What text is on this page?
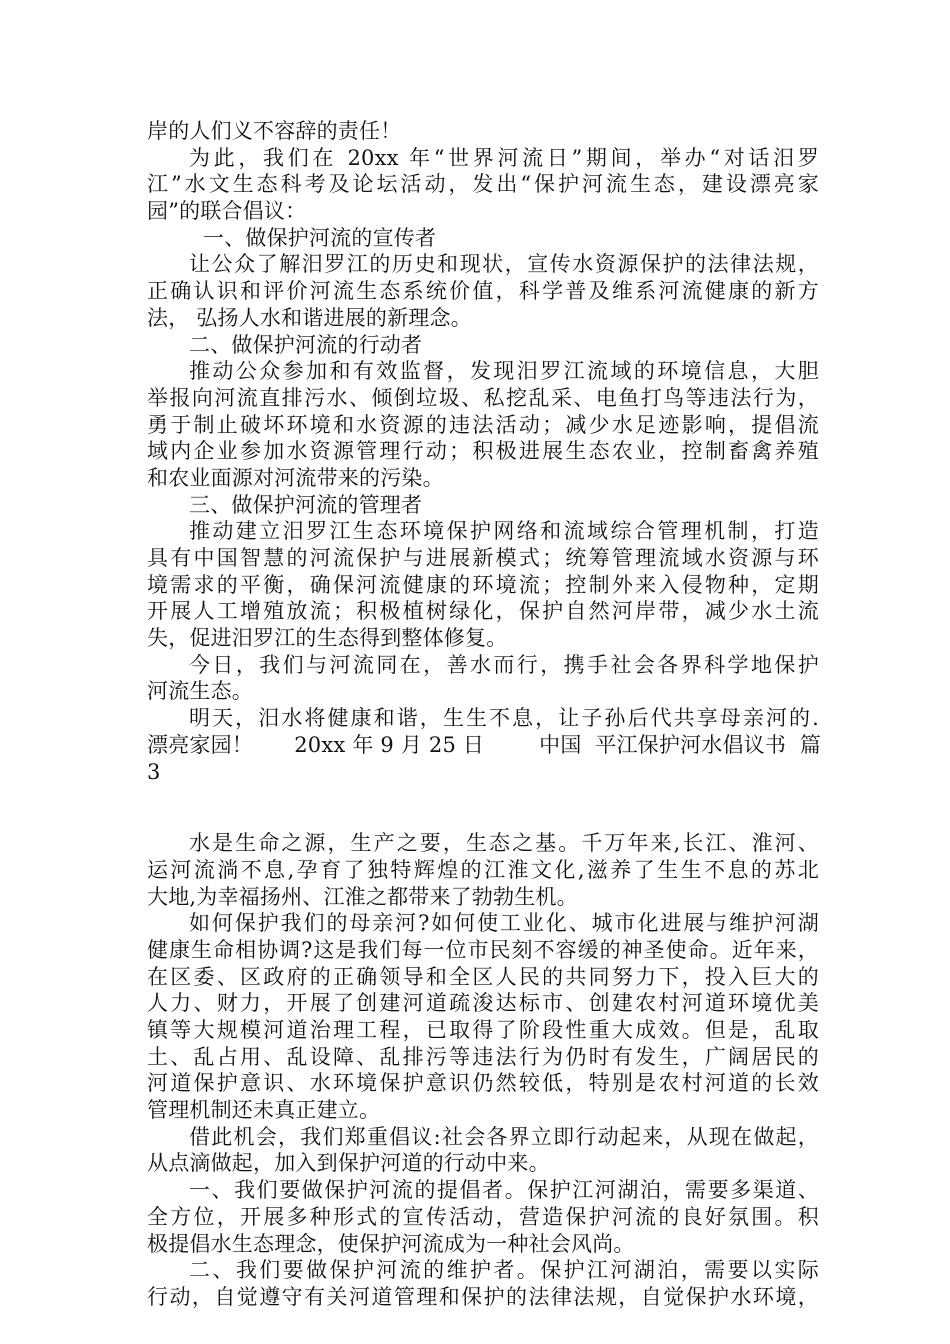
岸的人们义不容辞的责任！
为此，我们在 20xx 年“世界河流日”期间，举办“对话汨罗
江”水文生态科考及论坛活动，发出“保护河流生态，建设漂亮家
园”的联合倡议：
一、做保护河流的宣传者
让公众了解汨罗江的历史和现状，宣传水资源保护的法律法规，
正确认识和评价河流生态系统价值，科学普及维系河流健康的新方
法， 弘扬人水和谐进展的新理念。
二、做保护河流的行动者
推动公众参加和有效监督，发现汨罗江流域的环境信息，大胆
举报向河流直排污水、倾倒垃圾、私挖乱采、电鱼打鸟等违法行为，
勇于制止破坏环境和水资源的违法活动；减少水足迹影响，提倡流
域内企业参加水资源管理行动；积极进展生态农业，控制畜禽养殖
和农业面源对河流带来的污染。
三、做保护河流的管理者
推动建立汨罗江生态环境保护网络和流域综合管理机制，打造
具有中国智慧的河流保护与进展新模式；统筹管理流域水资源与环
境需求的平衡，确保河流健康的环境流；控制外来入侵物种，定期
开展人工增殖放流；积极植树绿化，保护自然河岸带，减少水土流
失，促进汨罗江的生态得到整体修复。
今日，我们与河流同在，善水而行，携手社会各界科学地保护
河流生态。
明天，汨水将健康和谐，生生不息，让子孙后代共享母亲河的.
漂亮家园！      20xx 年 9 月 25 日        中国  平江保护河水倡议书  篇
3
水是生命之源，生产之要，生态之基。千万年来,长江、淮河、
运河流淌不息,孕育了独特辉煌的江淮文化,滋养了生生不息的苏北
大地,为幸福扬州、江淮之都带来了勃勃生机。
如何保护我们的母亲河?如何使工业化、城市化进展与维护河湖
健康生命相协调?这是我们每一位市民刻不容缓的神圣使命。近年来，
在区委、区政府的正确领导和全区人民的共同努力下，投入巨大的
人力、财力，开展了创建河道疏浚达标市、创建农村河道环境优美
镇等大规模河道治理工程，已取得了阶段性重大成效。但是，乱取
土、乱占用、乱设障、乱排污等违法行为仍时有发生，广阔居民的
河道保护意识、水环境保护意识仍然较低，特别是农村河道的长效
管理机制还未真正建立。
借此机会，我们郑重倡议:社会各界立即行动起来，从现在做起，
从点滴做起，加入到保护河道的行动中来。
一、我们要做保护河流的提倡者。保护江河湖泊，需要多渠道、
全方位，开展多种形式的宣传活动，营造保护河流的良好氛围。积
极提倡水生态理念，使保护河流成为一种社会风尚。
二、我们要做保护河流的维护者。保护江河湖泊，需要以实际
行动，自觉遵守有关河道管理和保护的法律法规，自觉保护水环境，
